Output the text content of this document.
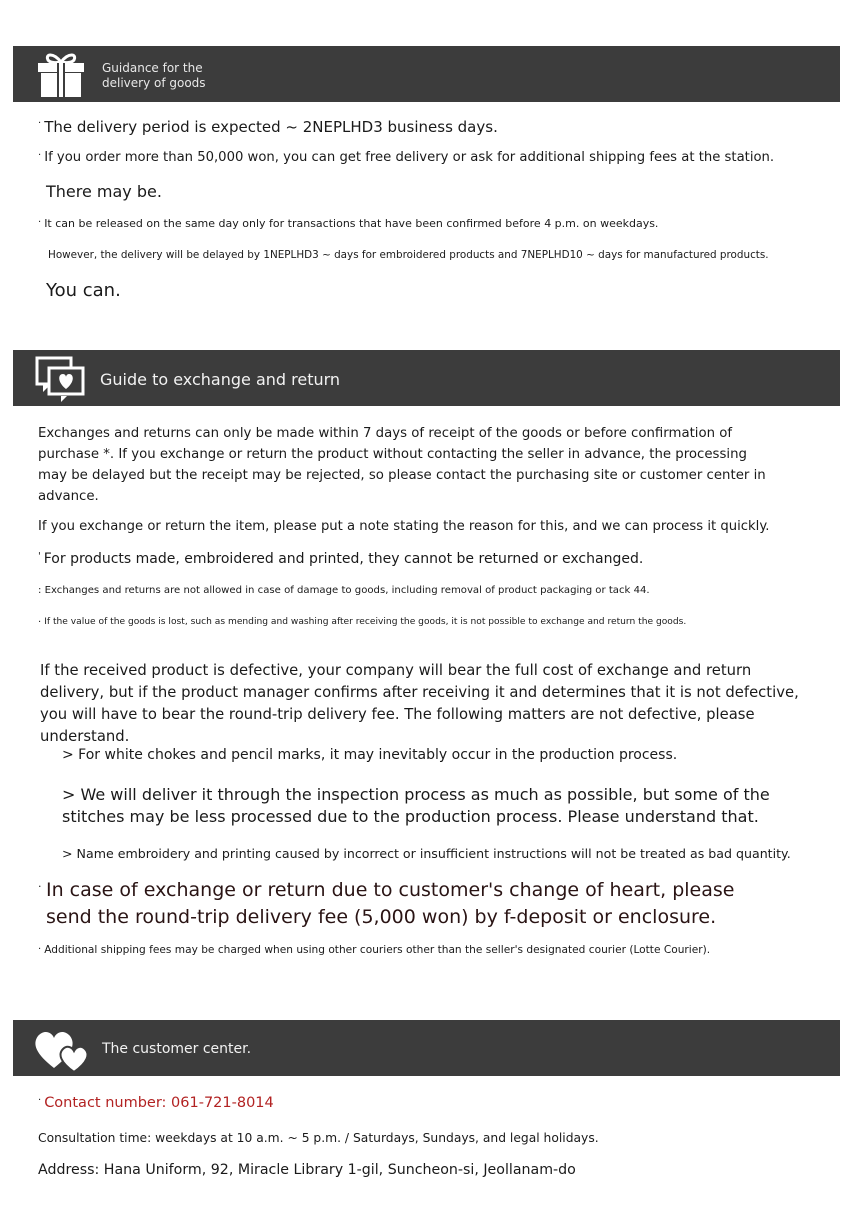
Guidance for the
delivery of goods
· The delivery period is expected ~ 2NEPLHD3 business days.
· If you order more than 50,000 won, you can get free delivery or ask for additional shipping fees at the station.
There may be.
· It can be released on the same day only for transactions that have been confirmed before 4 p.m. on weekdays.
However, the delivery will be delayed by 1NEPLHD3 ~ days for embroidered products and 7NEPLHD10 ~ days for manufactured products.
You can.
Guide to exchange and return
Exchanges and returns can only be made within 7 days of receipt of the goods or before confirmation of purchase *. If you exchange or return the product without contacting the seller in advance, the processing may be delayed but the receipt may be rejected, so please contact the purchasing site or customer center in advance.
If you exchange or return the item, please put a note stating the reason for this, and we can process it quickly.
' For products made, embroidered and printed, they cannot be returned or exchanged.
: Exchanges and returns are not allowed in case of damage to goods, including removal of product packaging or tack 44.
· If the value of the goods is lost, such as mending and washing after receiving the goods, it is not possible to exchange and return the goods.
If the received product is defective, your company will bear the full cost of exchange and return delivery, but if the product manager confirms after receiving it and determines that it is not defective, you will have to bear the round-trip delivery fee. The following matters are not defective, please understand.
> For white chokes and pencil marks, it may inevitably occur in the production process.
> We will deliver it through the inspection process as much as possible, but some of the stitches may be less processed due to the production process. Please understand that.
> Name embroidery and printing caused by incorrect or insufficient instructions will not be treated as bad quantity.
· In case of exchange or return due to customer's change of heart, please send the round-trip delivery fee (5,000 won) by f-deposit or enclosure.
· Additional shipping fees may be charged when using other couriers other than the seller's designated courier (Lotte Courier).
The customer center.
· Contact number: 061-721-8014
Consultation time: weekdays at 10 a.m. ~ 5 p.m. / Saturdays, Sundays, and legal holidays.
Address: Hana Uniform, 92, Miracle Library 1-gil, Suncheon-si, Jeollanam-do
